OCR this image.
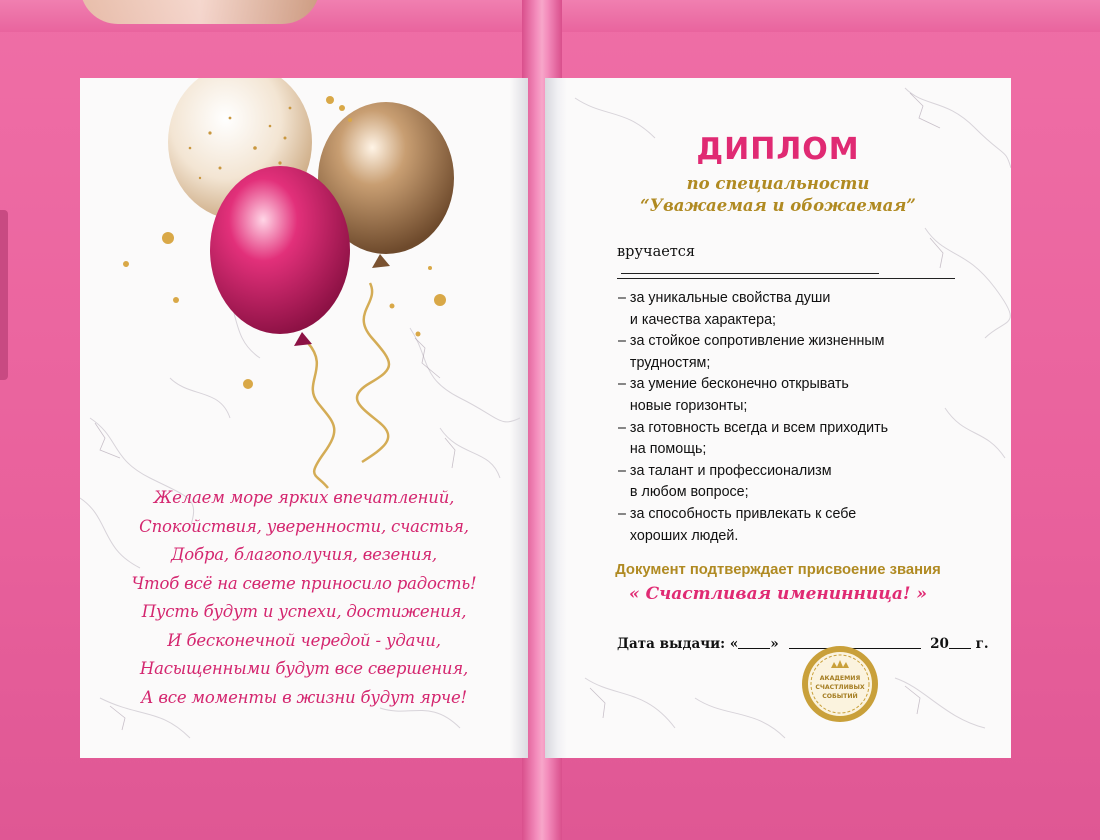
Желаем море ярких впечатлений,
Спокойствия, уверенности, счастья,
Добра, благополучия, везения,
Чтоб всё на свете приносило радость!
Пусть будут и успехи, достижения,
И бесконечной чередой - удачи,
Насыщенными будут все свершения,
А все моменты в жизни будут ярче!
ДИПЛОМ
по специальности
“Уважаемая и обожаемая”
вручается
– за уникальные свойства души
и качества характера;
– за стойкое сопротивление жизненным
трудностям;
– за умение бесконечно открывать
новые горизонты;
– за готовность всегда и всем приходить
на помощь;
– за талант и профессионализм
в любом вопросе;
– за способность привлекать к себе
хороших людей.
Документ подтверждает присвоение звания
« Счастливая именинница! »
Дата выдачи: « »	20 г.
АКАДЕМИЯ
СЧАСТЛИВЫХ
СОБЫТИЙ
